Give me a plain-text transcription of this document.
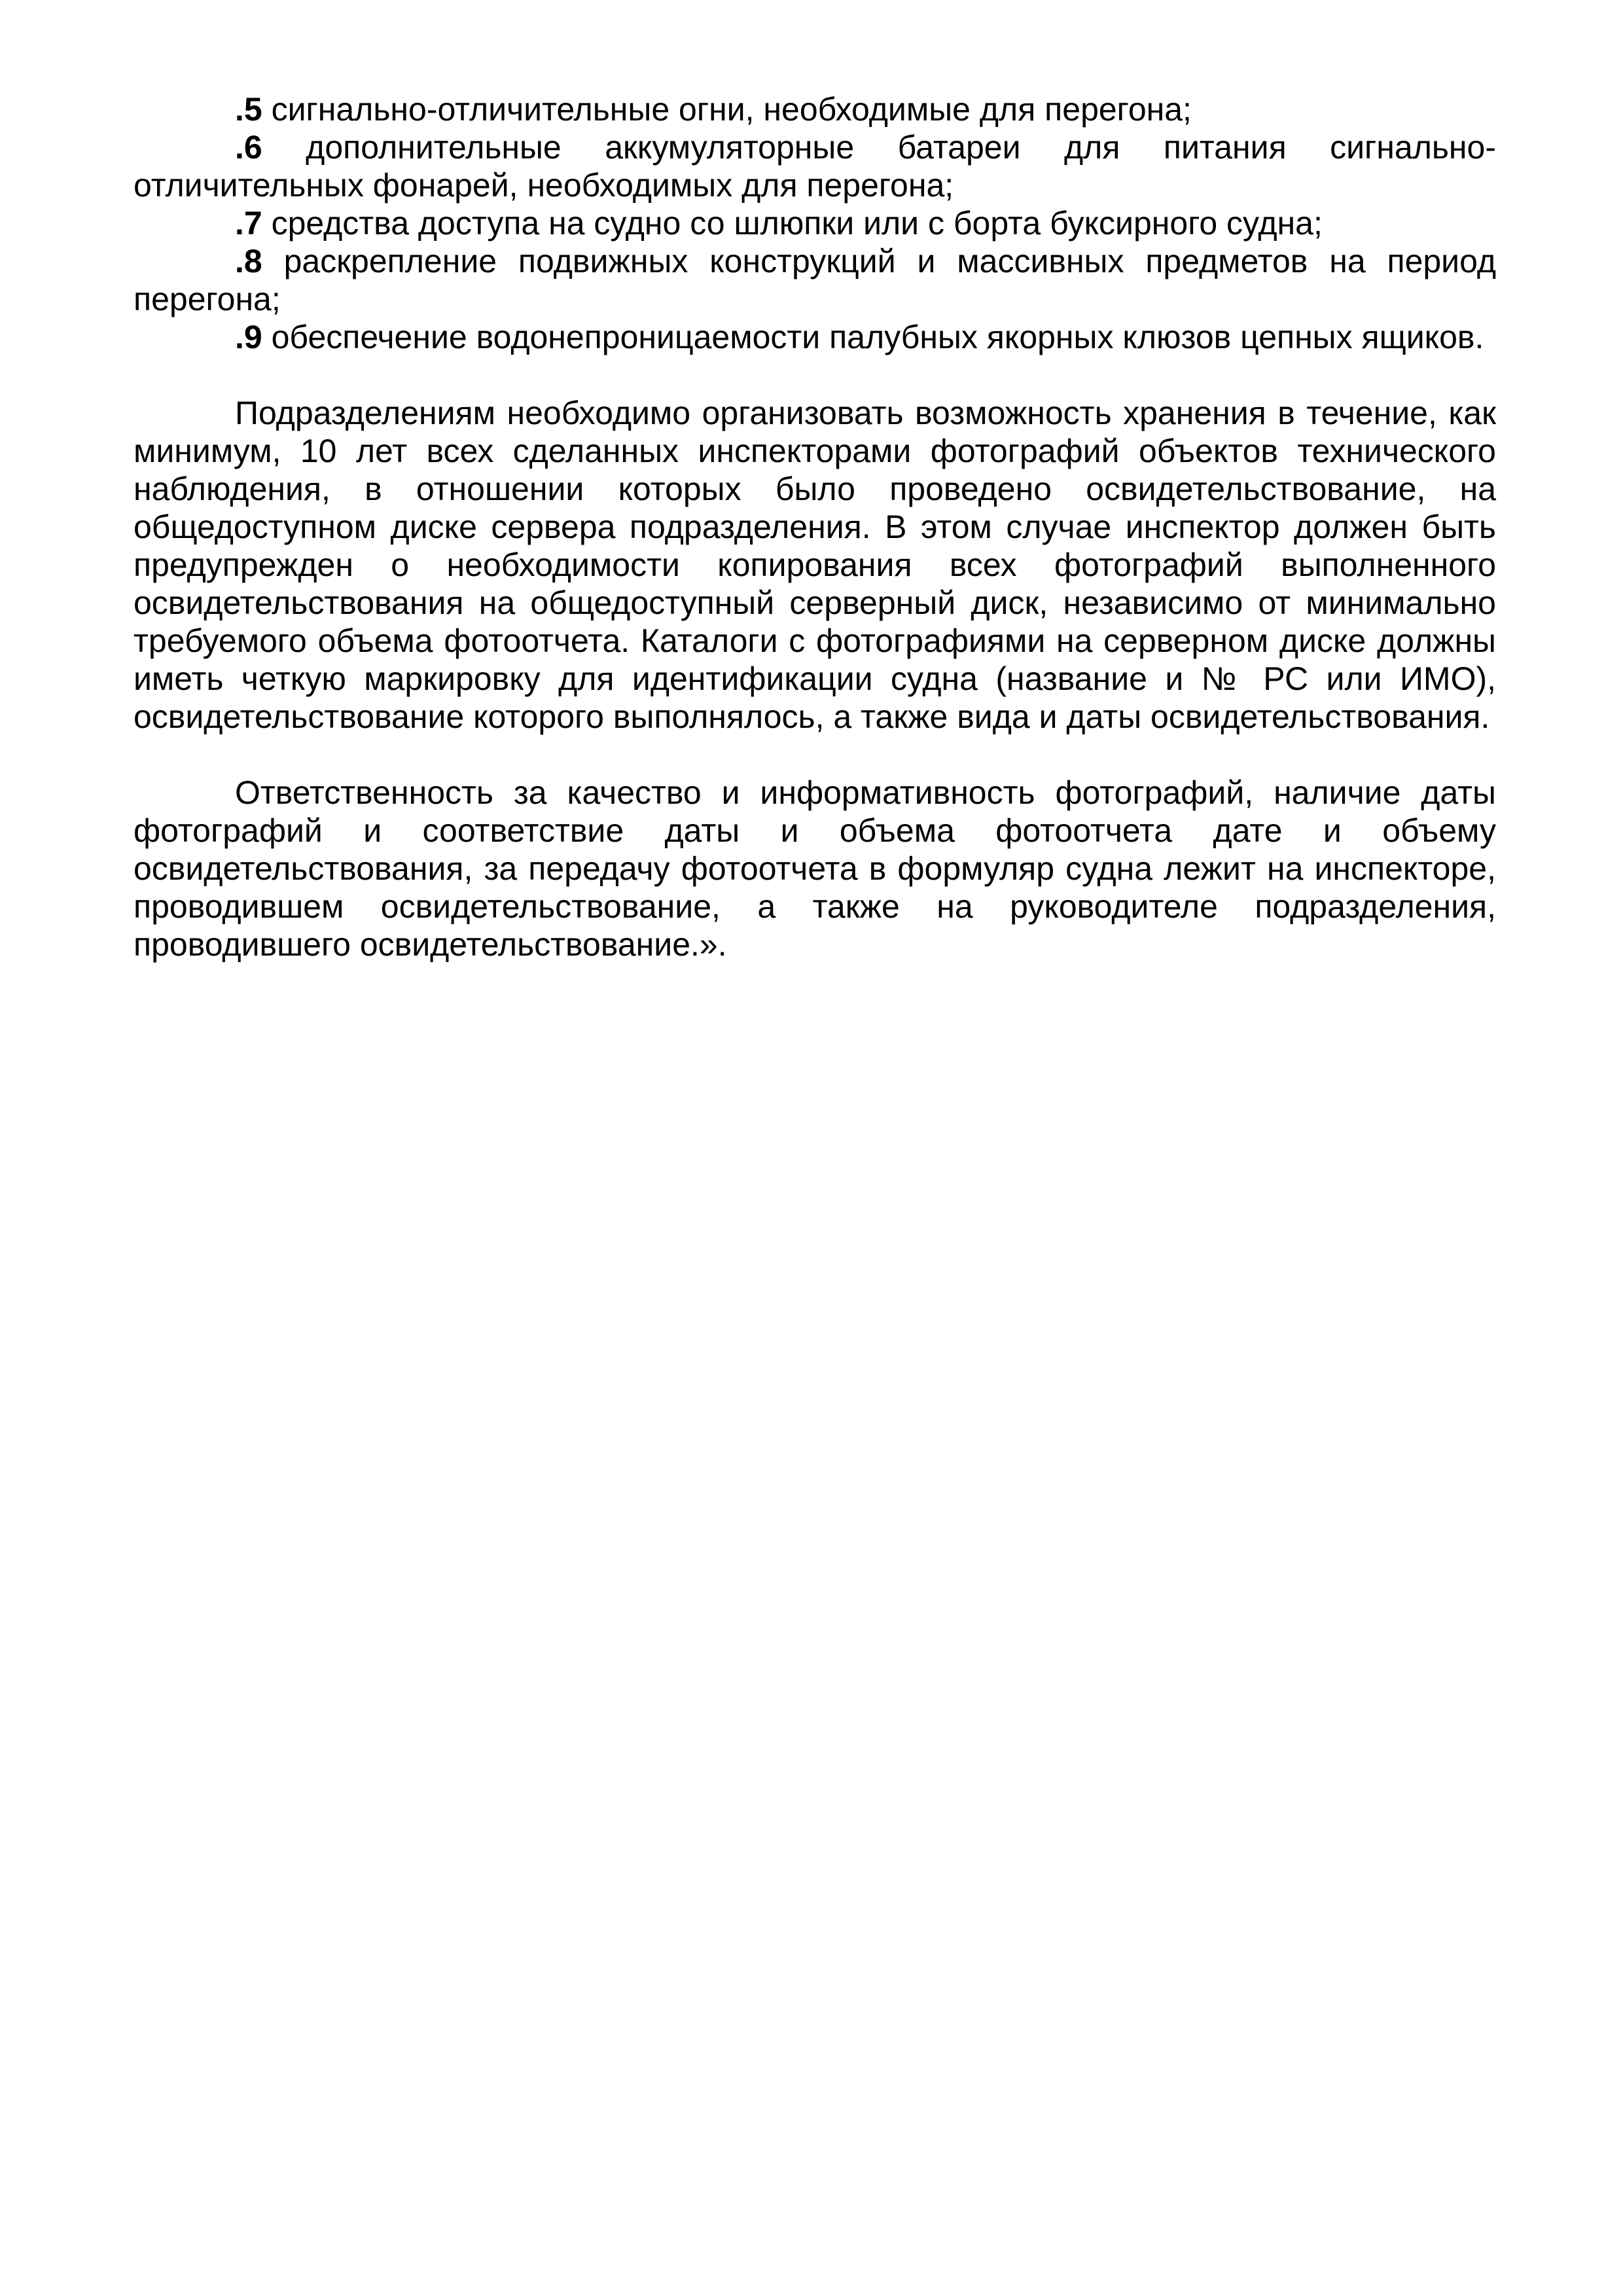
.5 сигнально-отличительные огни, необходимые для перегона;

.6 дополнительные аккумуляторные батареи для питания сигнально-отличительных фонарей, необходимых для перегона;

.7 средства доступа на судно со шлюпки или с борта буксирного судна;

.8 раскрепление подвижных конструкций и массивных предметов на период перегона;

.9 обеспечение водонепроницаемости палубных якорных клюзов цепных ящиков.

Подразделениям необходимо организовать возможность хранения в течение, как минимум, 10 лет всех сделанных инспекторами фотографий объектов технического наблюдения, в отношении которых было проведено освидетельствование, на общедоступном диске сервера подразделения. В этом случае инспектор должен быть предупрежден о необходимости копирования всех фотографий выполненного освидетельствования на общедоступный серверный диск, независимо от минимально требуемого объема фотоотчета. Каталоги с фотографиями на серверном диске должны иметь четкую маркировку для идентификации судна (название и № РС или ИМО), освидетельствование которого выполнялось, а также вида и даты освидетельствования.

Ответственность за качество и информативность фотографий, наличие даты фотографий и соответствие даты и объема фотоотчета дате и объему освидетельствования, за передачу фотоотчета в формуляр судна лежит на инспекторе, проводившем освидетельствование, а также на руководителе подразделения, проводившего освидетельствование.».
